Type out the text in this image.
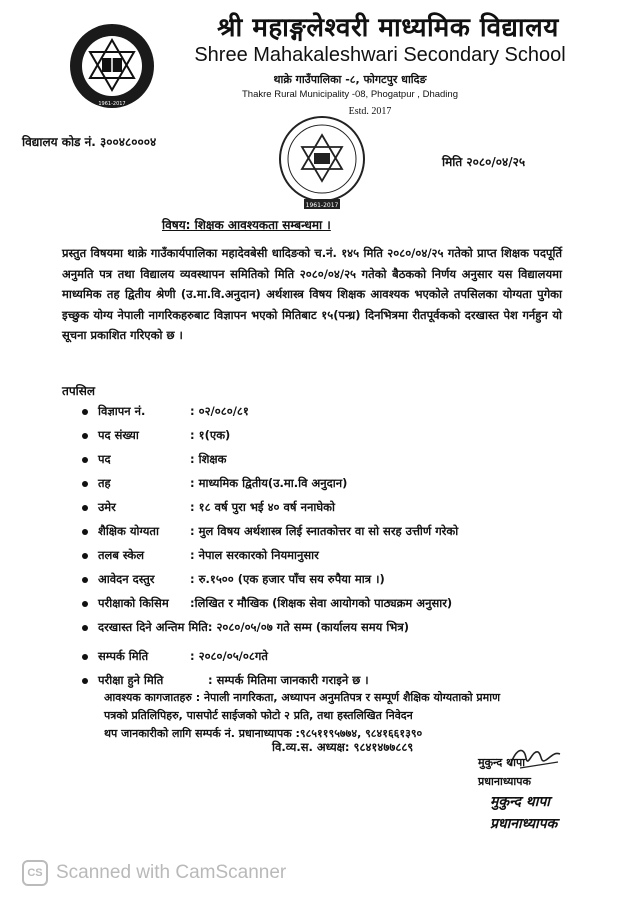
1961-2017
श्री महाङ्गलेश्वरी माध्यमिक विद्यालय
Shree Mahakaleshwari Secondary School
थाक्रे गाउँपालिका -८, फोगटपुर धादिङ
Thakre Rural Municipality -08, Phogatpur , Dhading
Estd. 2017
विद्यालय कोड नं. ३००४८०००४
मिति २०८०/०४/२५
1961-2017
विषय: शिक्षक आवश्यकता सम्बन्धमा ।
प्रस्तुत विषयमा थाक्रे गाउँकार्यपालिका महादेवबेसी धादिङको च.नं. १४५ मिति २०८०/०४/२५ गतेको प्राप्त शिक्षक पदपूर्ति अनुमति पत्र तथा विद्यालय व्यवस्थापन समितिको मिति २०८०/०४/२५ गतेको बैठकको निर्णय अनुसार यस विद्यालयमा माध्यमिक तह द्वितीय श्रेणी (उ.मा.वि.अनुदान) अर्थशास्त्र विषय शिक्षक आवश्यक भएकोले तपसिलका योग्यता पुगेका इच्छुक योग्य नेपाली नागरिकहरुबाट विज्ञापन भएको मितिबाट १५(पन्ध्र) दिनभित्रमा रीतपूर्वकको दरखास्त पेश गर्नहुन यो सूचना प्रकाशित गरिएको छ ।
तपसिल
विज्ञापन नं.	: ०२/०८०/८१
पद संख्या	: १(एक)
पद	: शिक्षक
तह	: माध्यमिक द्वितीय(उ.मा.वि अनुदान)
उमेर	: १८ वर्ष पुरा भई ४० वर्ष ननाघेको
शैक्षिक योग्यता	: मुल विषय अर्थशास्त्र लिई स्नातकोत्तर वा सो सरह उत्तीर्ण गरेको
तलब स्केल	: नेपाल सरकारको नियमानुसार
आवेदन दस्तुर	: रु.१५०० (एक हजार पाँच सय रुपैया मात्र ।)
परीक्षाको किसिम :लिखित र मौखिक (शिक्षक सेवा आयोगको पाठ्यक्रम अनुसार)
दरखास्त दिने अन्तिम मिति: २०८०/०५/०७ गते सम्म (कार्यालय समय भित्र)
सम्पर्क मिति	: २०८०/०५/०८गते
परीक्षा हुने मिति	: सम्पर्क मितिमा जानकारी गराइने छ ।
आवश्यक कागजातहरु : नेपाली नागरिकता, अध्यापन अनुमतिपत्र र सम्पूर्ण शैक्षिक योग्यताको प्रमाण
पत्रको प्रतिलिपिहरु, पासपोर्ट साईजको फोटो २ प्रति, तथा हस्तलिखित निवेदन
थप जानकारीको लागि सम्पर्क नं. प्रधानाध्यापक :९८५११९५७७४, ९८४१६६१३९०
वि.व्य.स. अध्यक्ष: ९८४१४७७८८९
मुकुन्द थापा
प्रधानाध्यापक
मुकुन्द थापा
प्रधानाध्यापक
CS Scanned with CamScanner
